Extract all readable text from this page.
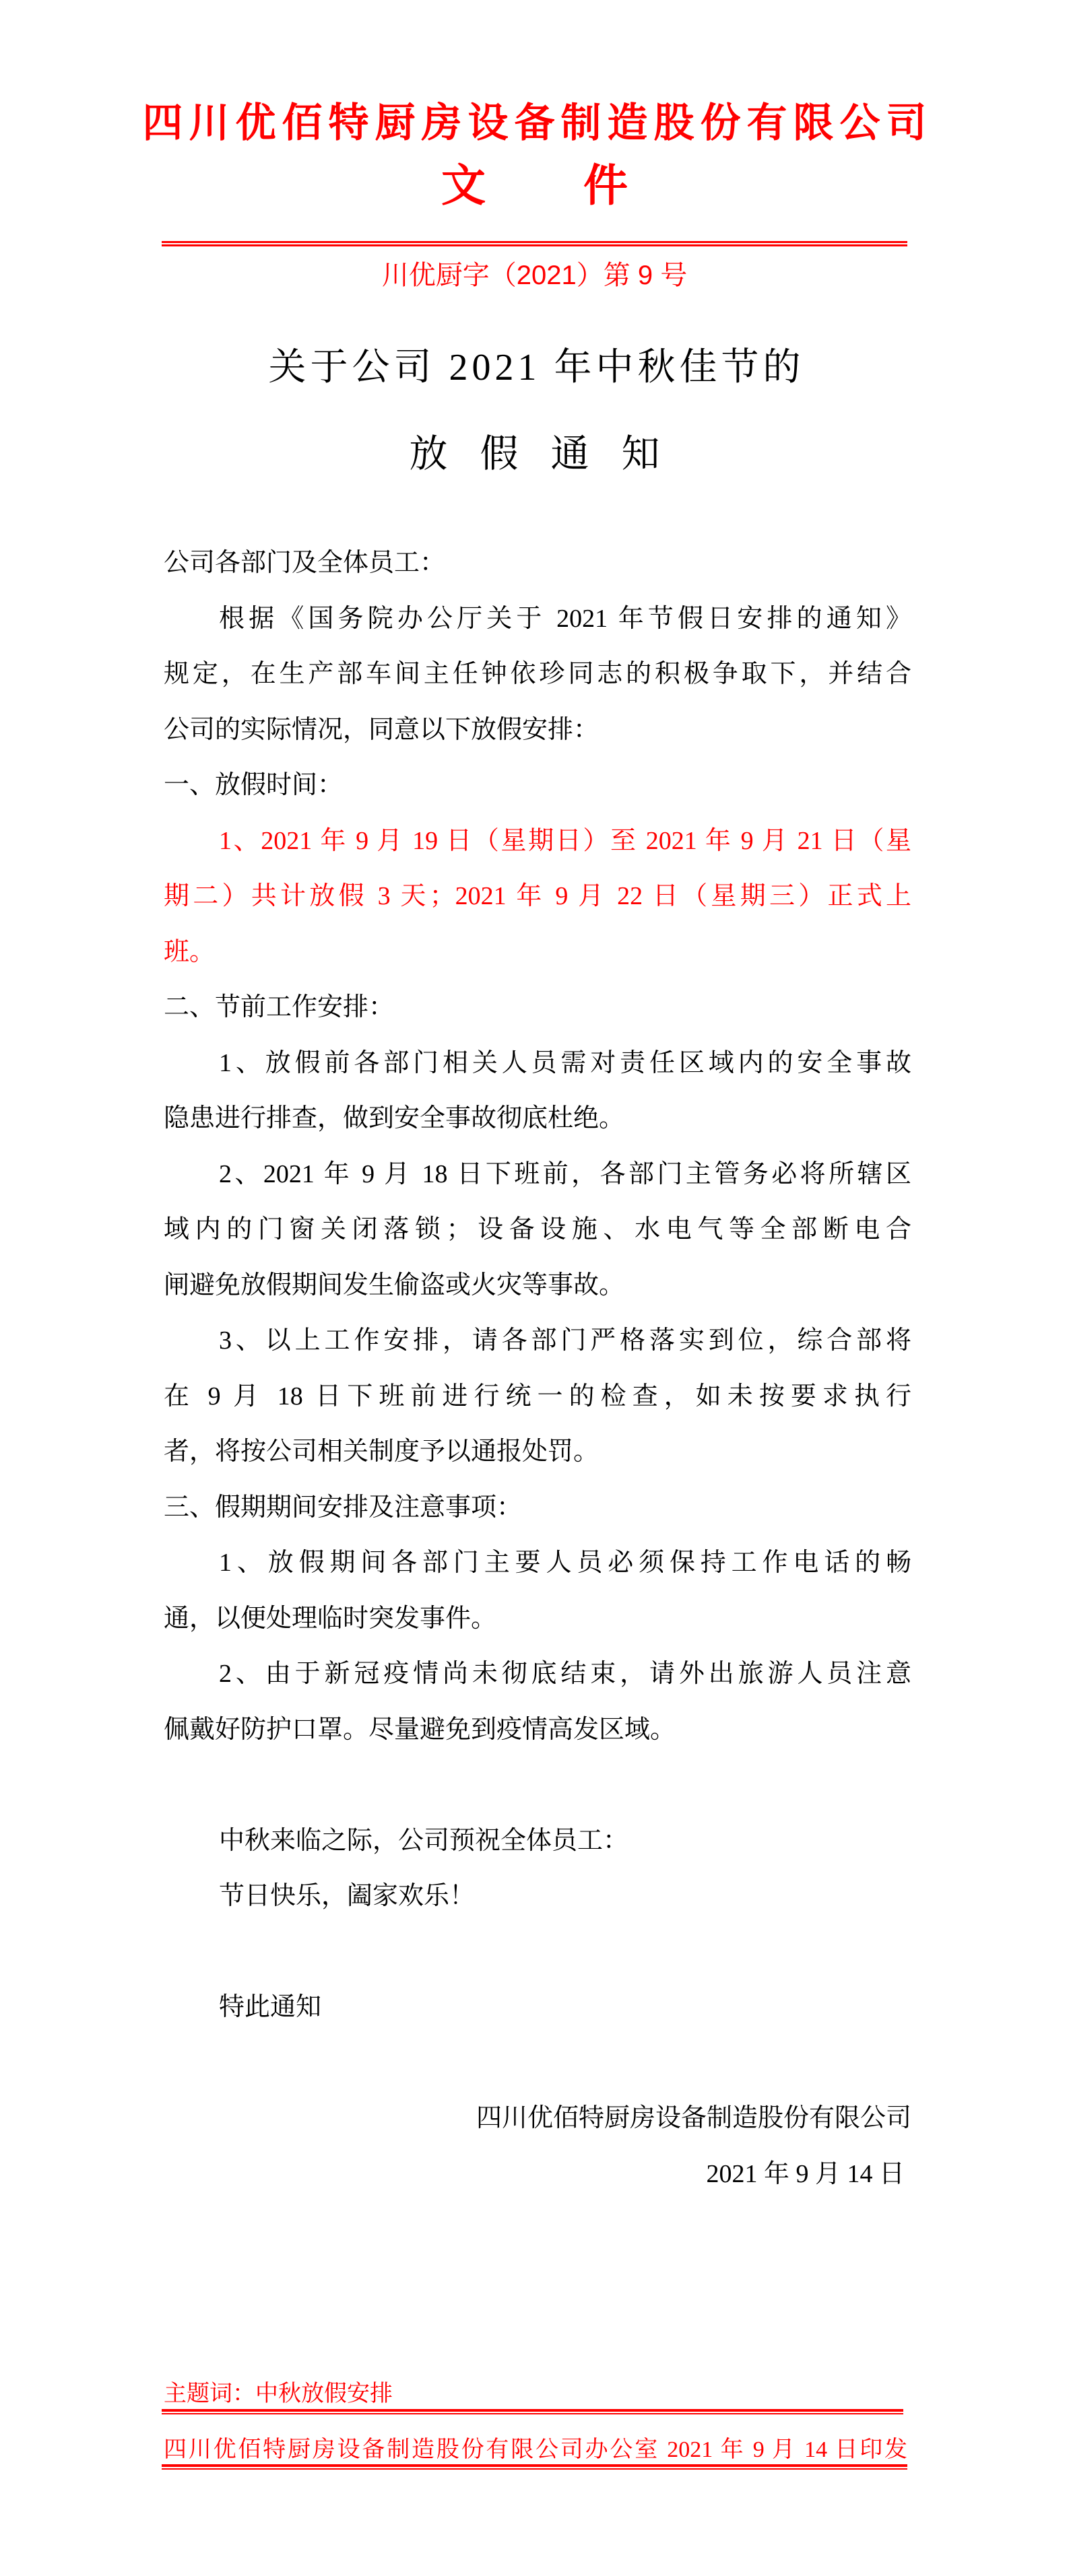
四川优佰特厨房设备制造股份有限公司
文件
川优厨字（2021）第 9 号
关于公司 2021 年中秋佳节的
放假通知
公司各部门及全体员工：
根据《国务院办公厅关于 2021 年节假日安排的通知》
规定，在生产部车间主任钟依珍同志的积极争取下，并结合
公司的实际情况，同意以下放假安排：
一、放假时间：
1、2021 年 9 月 19 日（星期日）至 2021 年 9 月 21 日（星
期二）共计放假 3 天；2021 年 9 月 22 日（星期三）正式上
班。
二、节前工作安排：
1、放假前各部门相关人员需对责任区域内的安全事故
隐患进行排查，做到安全事故彻底杜绝。
2、2021 年 9 月 18 日下班前，各部门主管务必将所辖区
域内的门窗关闭落锁；设备设施、水电气等全部断电合
闸避免放假期间发生偷盗或火灾等事故。
3、以上工作安排，请各部门严格落实到位，综合部将
在 9 月 18 日下班前进行统一的检查，如未按要求执行
者，将按公司相关制度予以通报处罚。
三、假期期间安排及注意事项：
1、放假期间各部门主要人员必须保持工作电话的畅
通，以便处理临时突发事件。
2、由于新冠疫情尚未彻底结束，请外出旅游人员注意
佩戴好防护口罩。尽量避免到疫情高发区域。
中秋来临之际，公司预祝全体员工：
节日快乐，阖家欢乐！
特此通知
四川优佰特厨房设备制造股份有限公司
2021 年 9 月 14 日
主题词：中秋放假安排
四川优佰特厨房设备制造股份有限公司办公室 2021 年 9 月 14 日印发
